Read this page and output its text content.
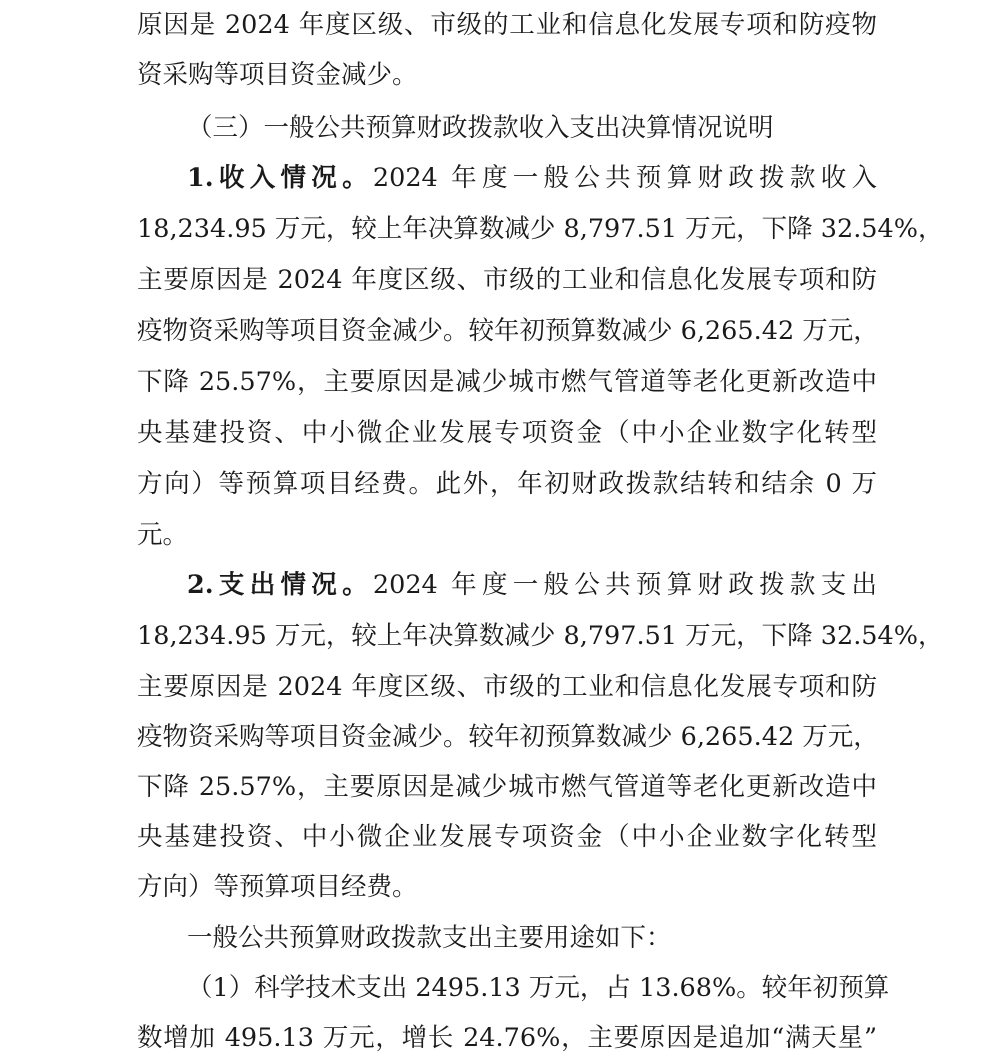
原因是 2024 年度区级、市级的工业和信息化发展专项和防疫物
资采购等项目资金减少。
（三）一般公共预算财政拨款收入支出决算情况说明
1.收入情况。2024 年度一般公共预算财政拨款收入
18,234.95 万元，较上年决算数减少 8,797.51 万元，下降 32.54%，
主要原因是 2024 年度区级、市级的工业和信息化发展专项和防
疫物资采购等项目资金减少。较年初预算数减少 6,265.42 万元，
下降 25.57%，主要原因是减少城市燃气管道等老化更新改造中
央基建投资、中小微企业发展专项资金（中小企业数字化转型
方向）等预算项目经费。此外，年初财政拨款结转和结余 0 万
元。
2.支出情况。2024 年度一般公共预算财政拨款支出
18,234.95 万元，较上年决算数减少 8,797.51 万元，下降 32.54%，
主要原因是 2024 年度区级、市级的工业和信息化发展专项和防
疫物资采购等项目资金减少。较年初预算数减少 6,265.42 万元，
下降 25.57%，主要原因是减少城市燃气管道等老化更新改造中
央基建投资、中小微企业发展专项资金（中小企业数字化转型
方向）等预算项目经费。
一般公共预算财政拨款支出主要用途如下：
（1）科学技术支出 2495.13 万元，占 13.68%。较年初预算
数增加 495.13 万元，增长 24.76%，主要原因是追加“满天星”
